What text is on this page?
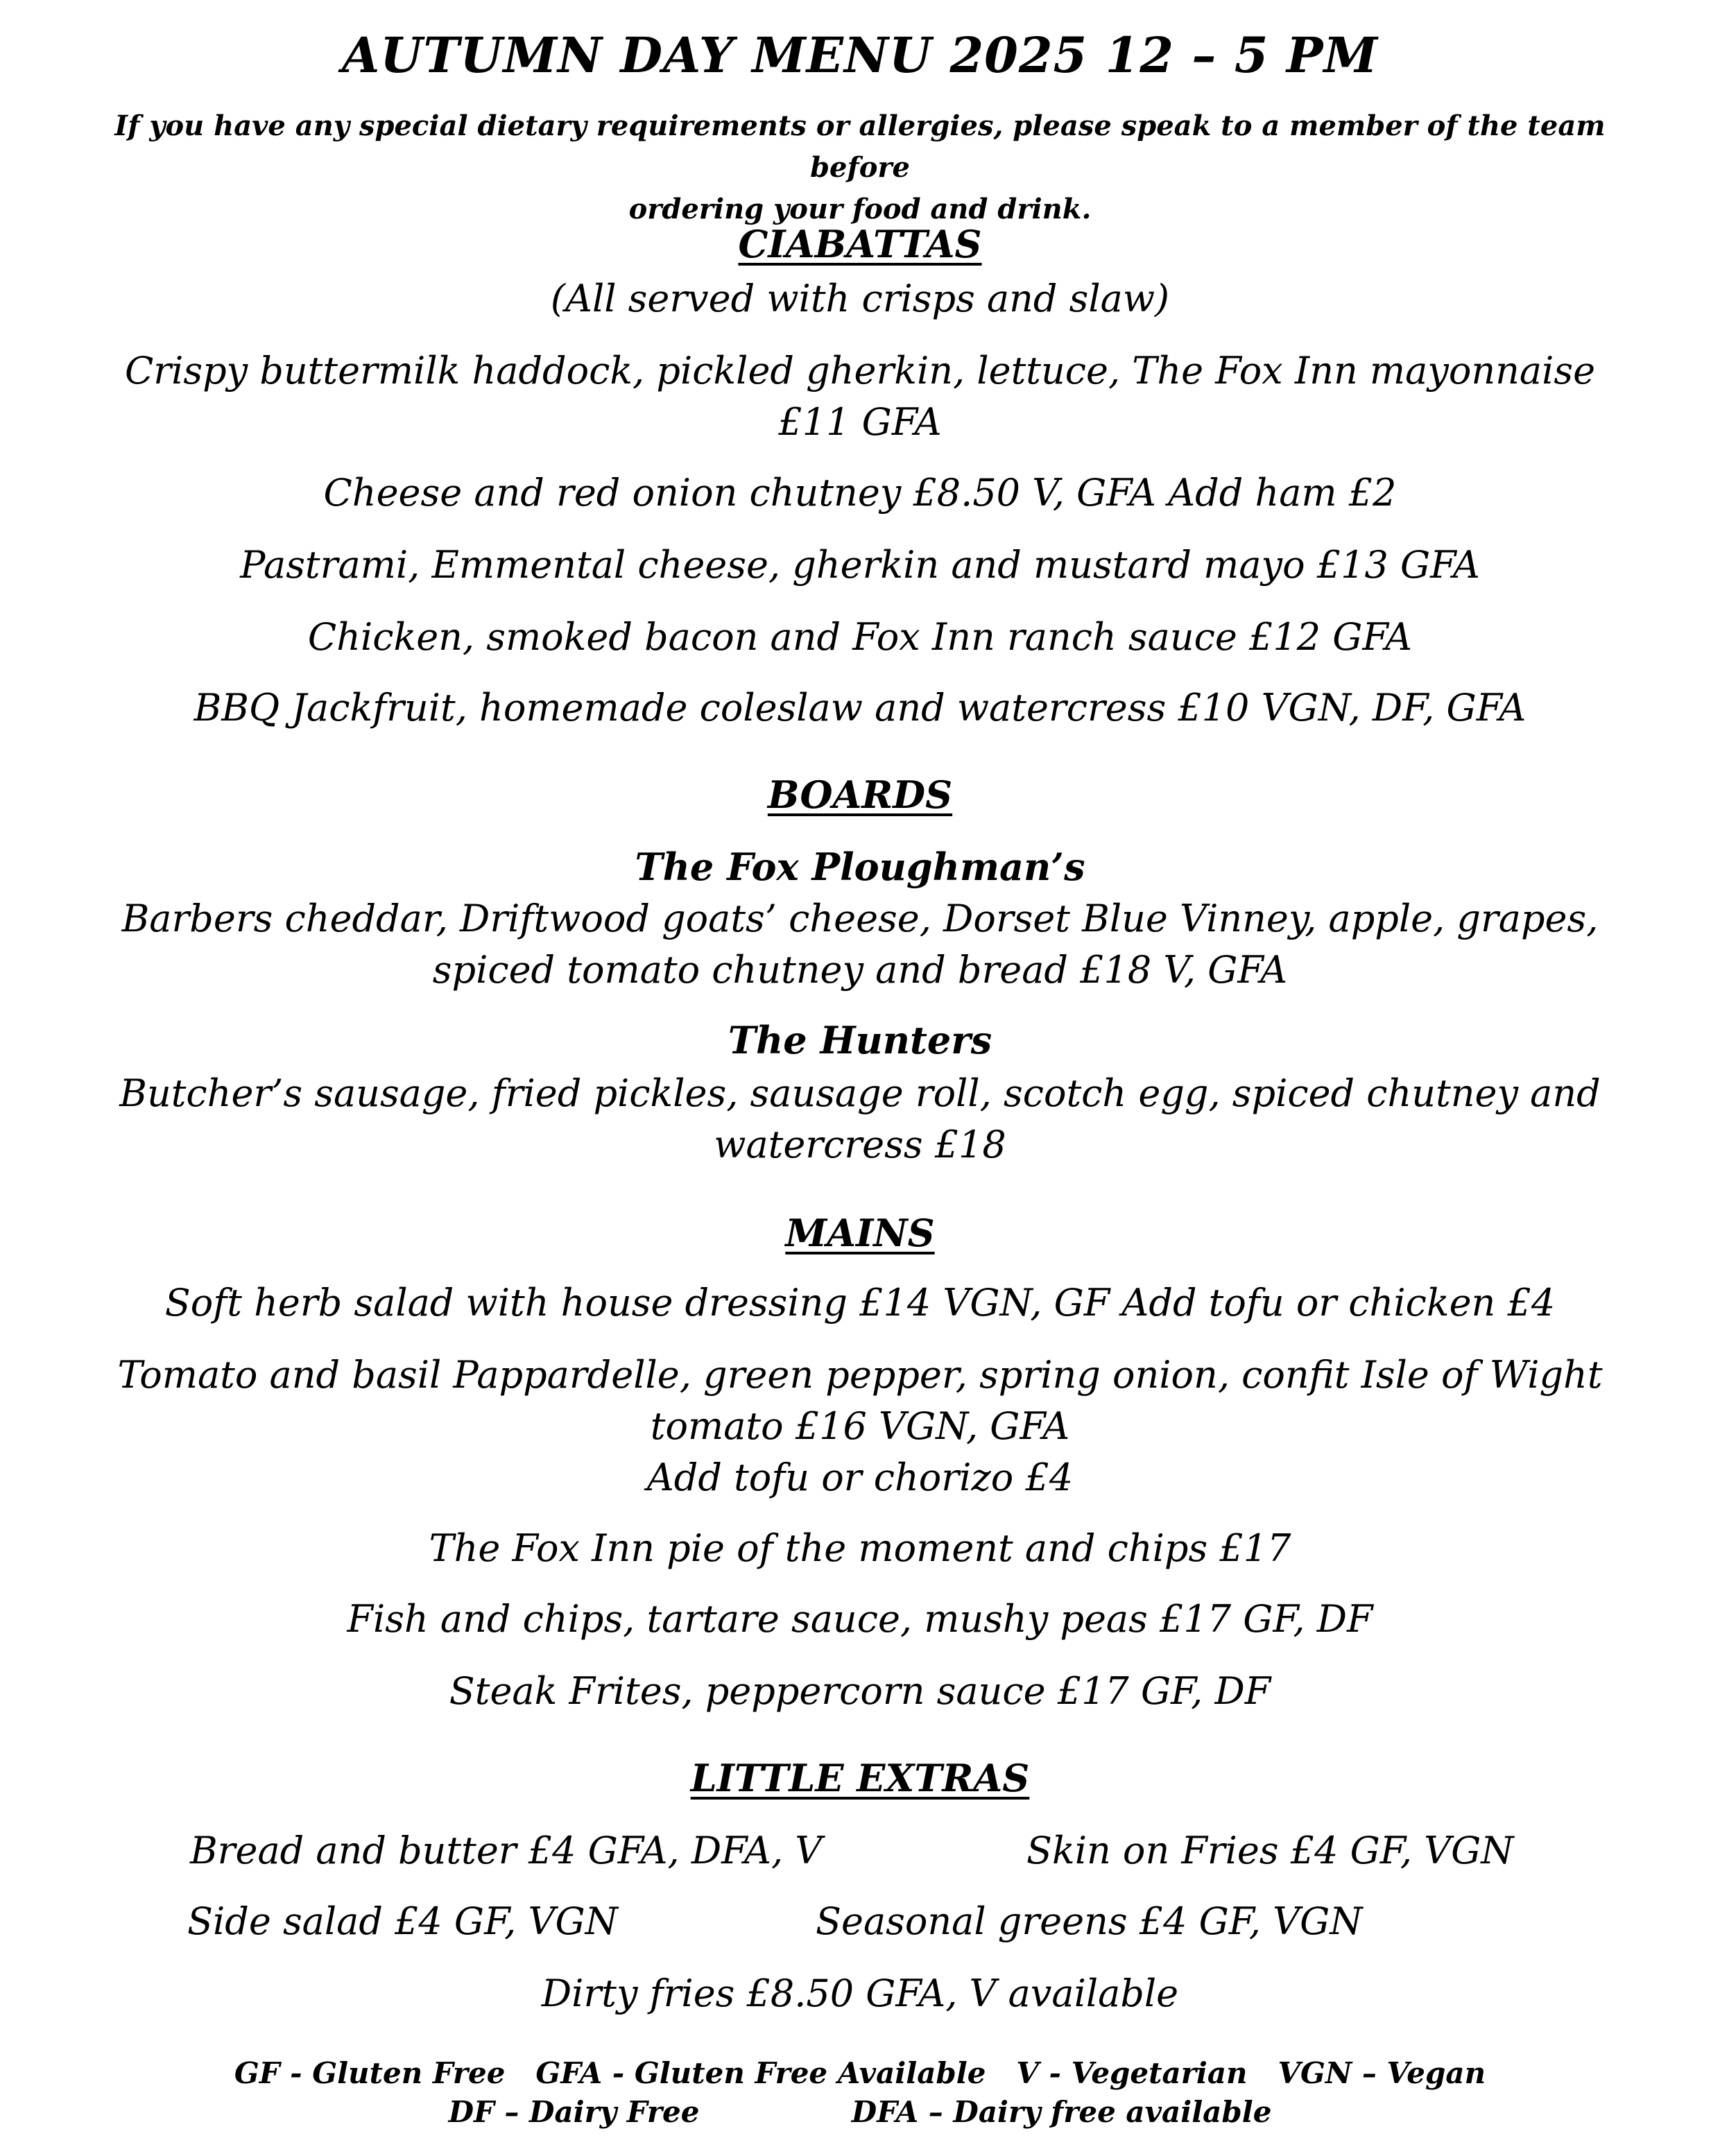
AUTUMN DAY MENU 2025 12 – 5 PM
If you have any special dietary requirements or allergies, please speak to a member of the team before
ordering your food and drink.
CIABATTAS
(All served with crisps and slaw)
Crispy buttermilk haddock, pickled gherkin, lettuce, The Fox Inn mayonnaise
£11 GFA
Cheese and red onion chutney £8.50 V, GFA Add ham £2
Pastrami, Emmental cheese, gherkin and mustard mayo £13 GFA
Chicken, smoked bacon and Fox Inn ranch sauce £12 GFA
BBQ Jackfruit, homemade coleslaw and watercress £10 VGN, DF, GFA
BOARDS
The Fox Ploughman’s
Barbers cheddar, Driftwood goats’ cheese, Dorset Blue Vinney, apple, grapes,
spiced tomato chutney and bread £18 V, GFA
The Hunters
Butcher’s sausage, fried pickles, sausage roll, scotch egg, spiced chutney and
watercress £18
MAINS
Soft herb salad with house dressing £14 VGN, GF Add tofu or chicken £4
Tomato and basil Pappardelle, green pepper, spring onion, confit Isle of Wight
tomato £16 VGN, GFA
Add tofu or chorizo £4
The Fox Inn pie of the moment and chips £17
Fish and chips, tartare sauce, mushy peas £17 GF, DF
Steak Frites, peppercorn sauce £17 GF, DF
LITTLE EXTRAS
Bread and butter £4 GFA, DFA, V	Skin on Fries £4 GF, VGN
Side salad £4 GF, VGN	Seasonal greens £4 GF, VGN
Dirty fries £8.50 GFA, V available
GF - Gluten Free GFA - Gluten Free Available V - Vegetarian VGN – Vegan
DF – Dairy Free	DFA – Dairy free available
